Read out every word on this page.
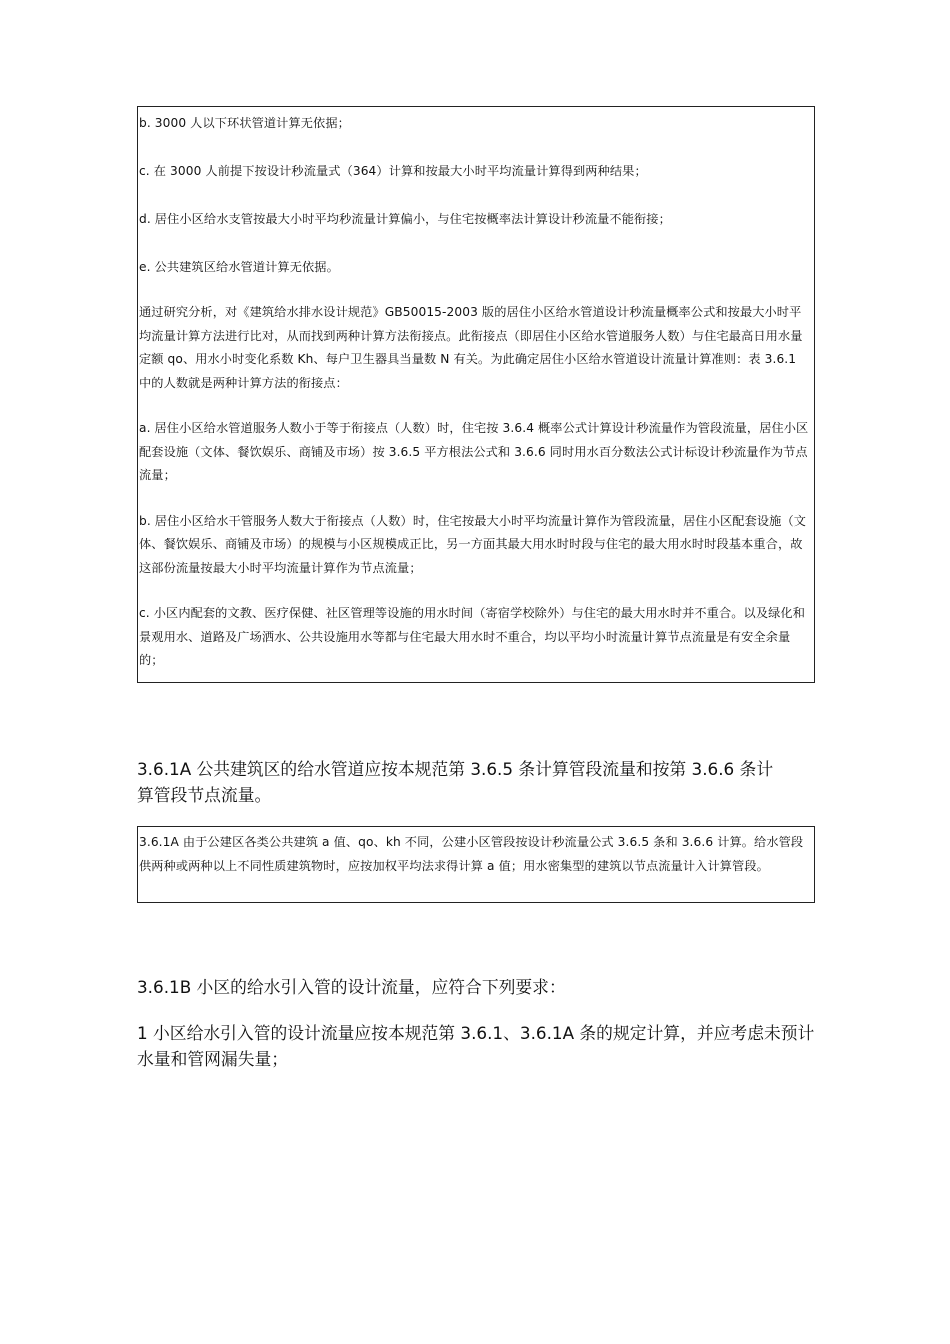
b. 3000 人以下环状管道计算无依据；

c. 在 3000 人前提下按设计秒流量式（364）计算和按最大小时平均流量计算得到两种结果；

d. 居住小区给水支管按最大小时平均秒流量计算偏小，与住宅按概率法计算设计秒流量不能衔接；

e. 公共建筑区给水管道计算无依据。

通过研究分析，对《建筑给水排水设计规范》GB50015-2003 版的居住小区给水管道设计秒流量概率公式和按最大小时平均流量计算方法进行比对，从而找到两种计算方法衔接点。此衔接点（即居住小区给水管道服务人数）与住宅最高日用水量定额 qo、用水小时变化系数 Kh、每户卫生器具当量数 N 有关。为此确定居住小区给水管道设计流量计算准则：表 3.6.1 中的人数就是两种计算方法的衔接点：

a. 居住小区给水管道服务人数小于等于衔接点（人数）时，住宅按 3.6.4 概率公式计算设计秒流量作为管段流量，居住小区配套设施（文体、餐饮娱乐、商铺及市场）按 3.6.5 平方根法公式和 3.6.6 同时用水百分数法公式计标设计秒流量作为节点流量；

b. 居住小区给水干管服务人数大于衔接点（人数）时，住宅按最大小时平均流量计算作为管段流量，居住小区配套设施（文体、餐饮娱乐、商铺及市场）的规模与小区规模成正比，另一方面其最大用水时时段与住宅的最大用水时时段基本重合，故这部份流量按最大小时平均流量计算作为节点流量；

c. 小区内配套的文教、医疗保健、社区管理等设施的用水时间（寄宿学校除外）与住宅的最大用水时并不重合。以及绿化和景观用水、道路及广场洒水、公共设施用水等都与住宅最大用水时不重合，均以平均小时流量计算节点流量是有安全余量的；

3.6.1A 公共建筑区的给水管道应按本规范第 3.6.5 条计算管段流量和按第 3.6.6 条计算管段节点流量。

3.6.1A 由于公建区各类公共建筑 a 值、qo、kh 不同，公建小区管段按设计秒流量公式 3.6.5 条和 3.6.6 计算。给水管段供两种或两种以上不同性质建筑物时，应按加权平均法求得计算 a 值；用水密集型的建筑以节点流量计入计算管段。

3.6.1B 小区的给水引入管的设计流量，应符合下列要求：

1 小区给水引入管的设计流量应按本规范第 3.6.1、3.6.1A 条的规定计算，并应考虑未预计水量和管网漏失量；
